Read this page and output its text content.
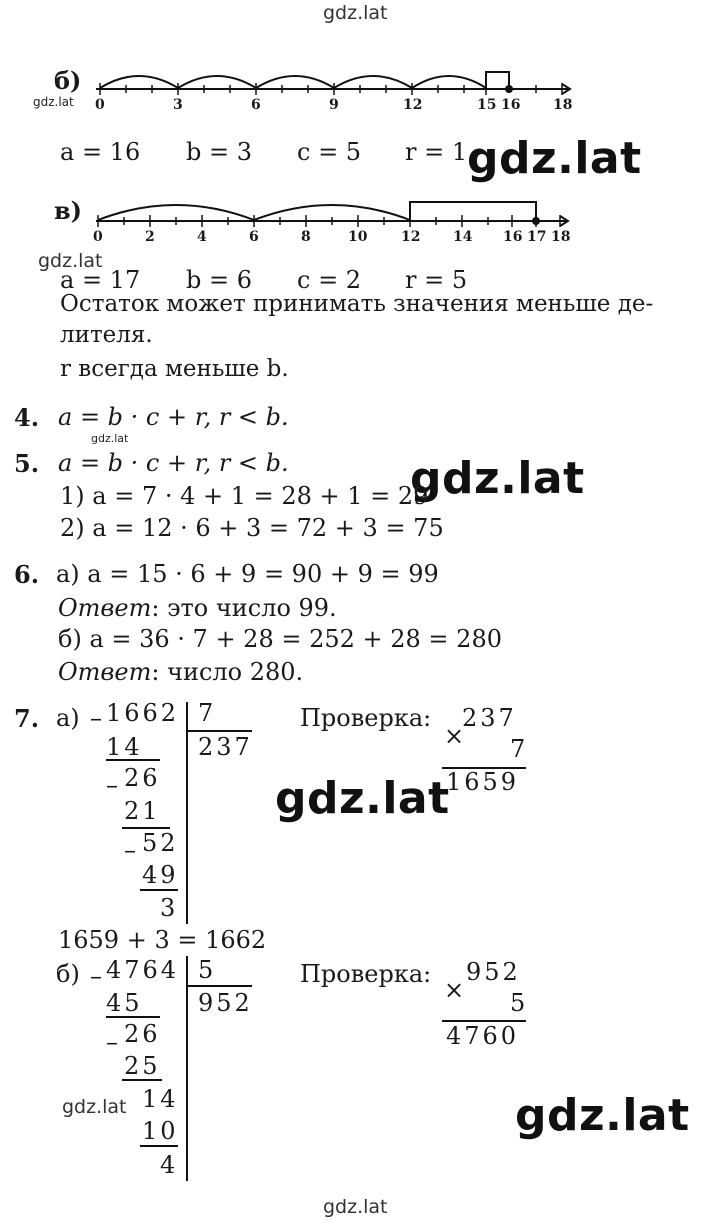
gdz.lat
gdz.lat
gdz.lat
gdz.lat
gdz.lat
gdz.lat
gdz.lat
gdz.lat
gdz.lat
gdz.lat
б)
0	3	6	9	12	15 16 18
a = 16 b = 3 c = 5 r = 1
в)
0	2	4	6	8	10 12 14 16 17 18
a = 17 b = 6 c = 2 r = 5
Остаток может принимать значения меньше де-
лителя.
r всегда меньше b.
4. a = b · c + r, r < b.
5. a = b · c + r, r < b.
1) a = 7 · 4 + 1 = 28 + 1 = 29
2) a = 12 · 6 + 3 = 72 + 3 = 75
6. а) a = 15 · 6 + 9 = 90 + 9 = 99
Ответ: это число 99.
б) a = 36 · 7 + 28 = 252 + 28 = 280
Ответ: число 280.
7. а) – 1662 7
237
14
– 26
21
– 52
49
3
Проверка: 237
× 7
1659
1659 + 3 = 1662
б) – 4764 5
952
45
– 26
25
14
10
4
Проверка: 952
× 5
4760
